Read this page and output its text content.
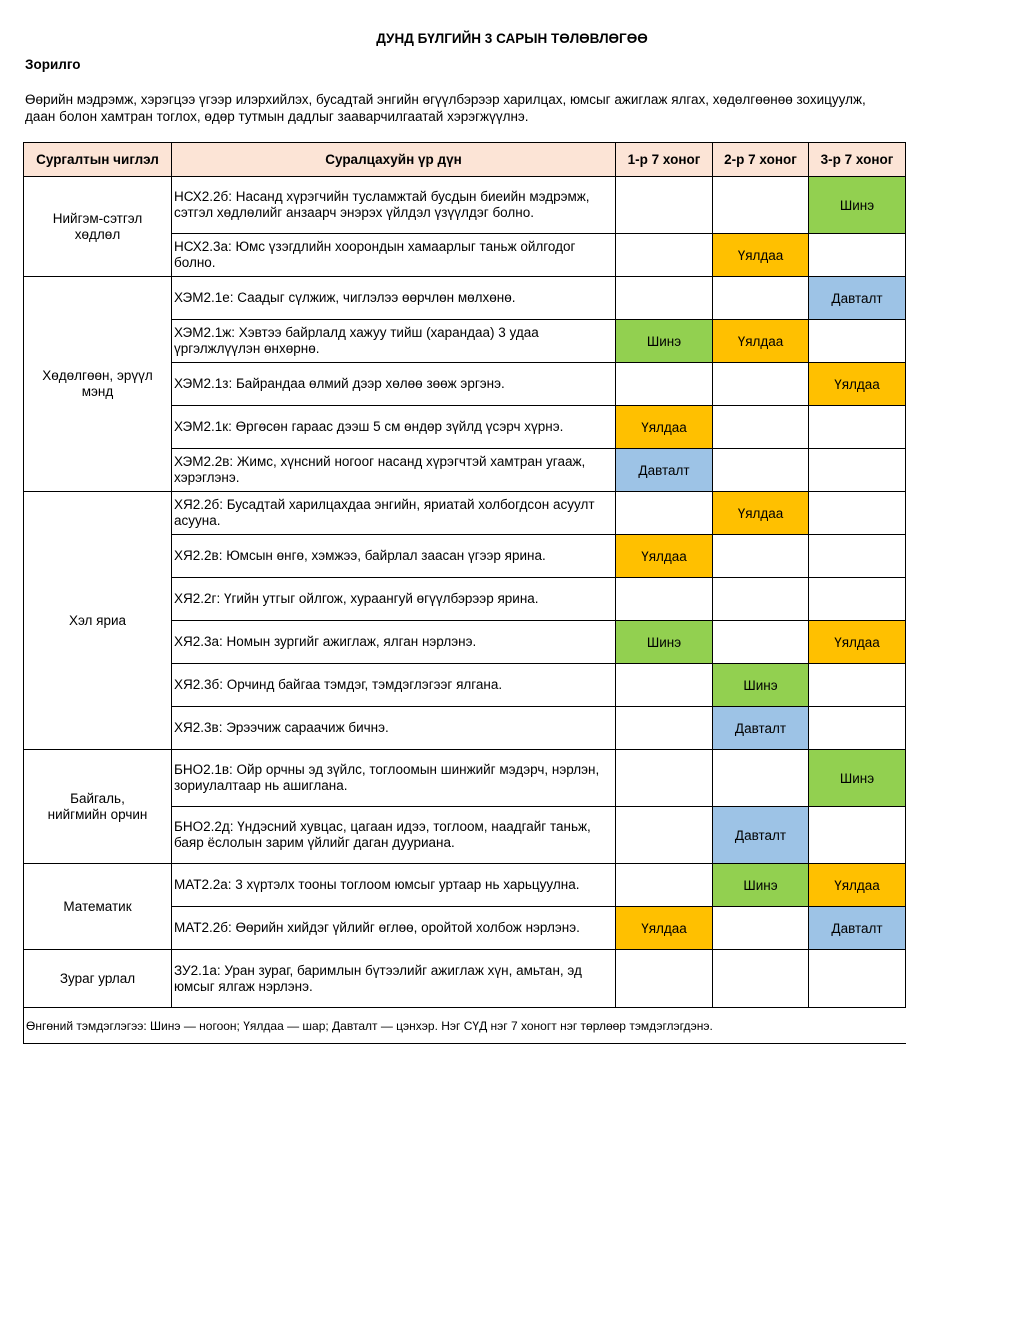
ДУНД БҮЛГИЙН 3 САРЫН ТӨЛӨВЛӨГӨӨ
Зорилго
Өөрийн мэдрэмж, хэрэгцээ үгээр илэрхийлэх, бусадтай энгийн өгүүлбэрээр харилцах, юмсыг ажиглаж ялгах, хөдөлгөөнөө зохицуулж,
даан болон хамтран тоглох, өдөр тутмын дадлыг зааварчилгаатай хэрэгжүүлнэ.
Сургалтын чиглэл	Суралцахуйн үр дүн	1-р 7 хоног	2-р 7 хоног	3-р 7 хоног
Нийгэм-сэтгэл хөдлөл	НСХ2.2б: Насанд хүрэгчийн тусламжтай бусдын биеийн мэдрэмж, сэтгэл хөдлөлийг анзаарч энэрэх үйлдэл үзүүлдэг болно.			Шинэ
	НСХ2.3а: Юмс үзэгдлийн хоорондын хамаарлыг таньж ойлгодог болно.		Үялдаа	
Хөдөлгөөн, эрүүл мэнд	ХЭМ2.1е: Саадыг сүлжиж, чиглэлээ өөрчлөн мөлхөнө.			Давталт
	ХЭМ2.1ж: Хэвтээ байрлалд хажуу тийш (харандаа) 3 удаа үргэлжлүүлэн өнхөрнө.	Шинэ	Үялдаа	
	ХЭМ2.1з: Байрандаа өлмий дээр хөлөө зөөж эргэнэ.			Үялдаа
	ХЭМ2.1к: Өргөсөн гараас дээш 5 см өндөр зүйлд үсэрч хүрнэ.	Үялдаа		
	ХЭМ2.2в: Жимс, хүнсний ногоог насанд хүрэгчтэй хамтран угааж, хэрэглэнэ.	Давталт		
Хэл яриа	ХЯ2.2б: Бусадтай харилцахдаа энгийн, яриатай холбогдсон асуулт асууна.		Үялдаа	
	ХЯ2.2в: Юмсын өнгө, хэмжээ, байрлал заасан үгээр ярина.	Үялдаа		
	ХЯ2.2г: Үгийн утгыг ойлгож, хураангуй өгүүлбэрээр ярина.			
	ХЯ2.3а: Номын зургийг ажиглаж, ялган нэрлэнэ.	Шинэ		Үялдаа
	ХЯ2.3б: Орчинд байгаа тэмдэг, тэмдэглэгээг ялгана.		Шинэ	
	ХЯ2.3в: Эрээчиж сараачиж бичнэ.		Давталт	
Байгаль, нийгмийн орчин	БНО2.1в: Ойр орчны эд зүйлс, тоглоомын шинжийг мэдэрч, нэрлэн, зориулалтаар нь ашиглана.			Шинэ
	БНО2.2д: Үндэсний хувцас, цагаан идээ, тоглоом, наадгайг таньж, баяр ёслолын зарим үйлийг даган дууриана.		Давталт	
Математик	МАТ2.2а: 3 хүртэлх тооны тоглоом юмсыг уртаар нь харьцуулна.		Шинэ	Үялдаа
	МАТ2.2б: Өөрийн хийдэг үйлийг өглөө, оройтой холбож нэрлэнэ.	Үялдаа		Давталт
Зураг урлал	ЗУ2.1а: Уран зураг, баримлын бүтээлийг ажиглаж хүн, амьтан, эд юмсыг ялгаж нэрлэнэ.			
Өнгөний тэмдэглэгээ: Шинэ — ногоон; Үялдаа — шар; Давталт — цэнхэр. Нэг СҮД нэг 7 хоногт нэг төрлөөр тэмдэглэгдэнэ.				
